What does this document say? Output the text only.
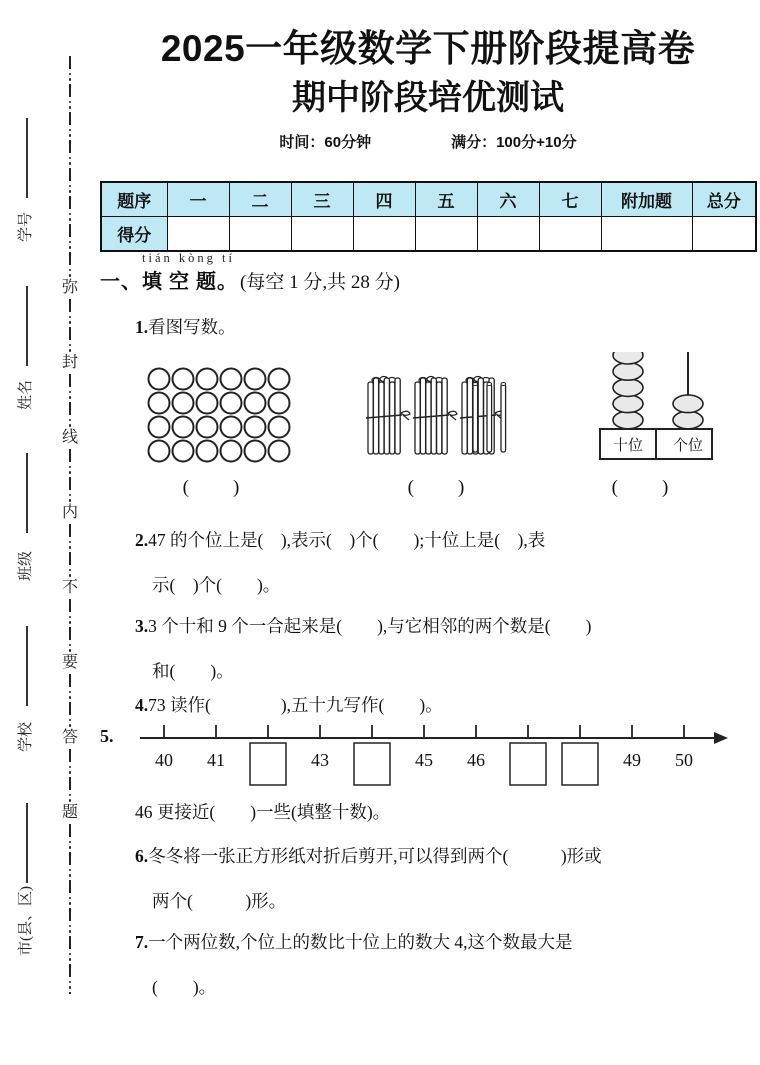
学号
姓名
班级
学校
市(县、区)
弥
封
线
内
不
要
答
题
2025一年级数学下册阶段提高卷
期中阶段培优测试
时间：60分钟	满分：100分+10分
题序	一	二	三	四	五	六	七	附加题	总分
得分									
一、
tián kòng tí
填 空 题。 (每空 1 分,共 28 分)
1.看图写数。
十位 个位
(　　)	(　　)	(　　)
2.47 的个位上是(　),表示(　)个(　　);十位上是(　),表
示(　)个(　　)。
3.3 个十和 9 个一合起来是(　　),与它相邻的两个数是(　　)
和(　　)。
4.73 读作(　　　　),五十九写作(　　)。
5.
40 41	43	45 46	49 50
46 更接近(　　)一些(填整十数)。
6.冬冬将一张正方形纸对折后剪开,可以得到两个(　　　)形或
两个(　　　)形。
7.一个两位数,个位上的数比十位上的数大 4,这个数最大是
(　　)。
